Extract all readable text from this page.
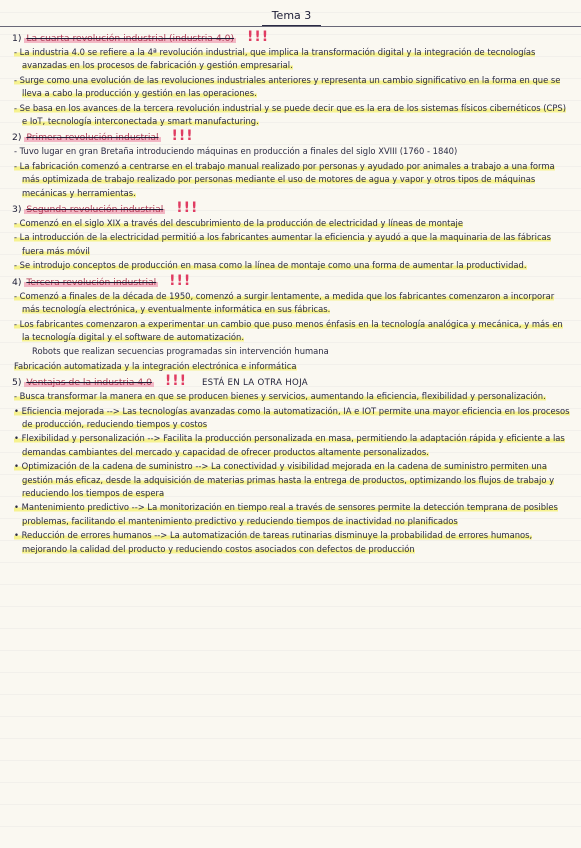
Tema 3
1) La cuarta revolución industrial (industria 4.0) !!!
- La industria 4.0 se refiere a la 4ª revolución industrial, que implica la transformación digital y la integración de tecnologías avanzadas en los procesos de fabricación y gestión empresarial.
- Surge como una evolución de las revoluciones industriales anteriores y representa un cambio significativo en la forma en que se lleva a cabo la producción y gestión en las operaciones.
- Se basa en los avances de la tercera revolución industrial y se puede decir que es la era de los sistemas físicos cibernéticos (CPS) e IoT, tecnología interconectada y smart manufacturing.
2) Primera revolución industrial !!!
- Tuvo lugar en gran Bretaña introduciendo máquinas en producción a finales del siglo XVIII (1760 - 1840)
- La fabricación comenzó a centrarse en el trabajo manual realizado por personas y ayudado por animales a trabajo a una forma más optimizada de trabajo realizado por personas mediante el uso de motores de agua y vapor y otros tipos de máquinas mecánicas y herramientas.
3) Segunda revolución industrial !!!
- Comenzó en el siglo XIX a través del descubrimiento de la producción de electricidad y líneas de montaje
- La introducción de la electricidad permitió a los fabricantes aumentar la eficiencia y ayudó a que la maquinaria de las fábricas fuera más móvil
- Se introdujo conceptos de producción en masa como la línea de montaje como una forma de aumentar la productividad.
4) Tercera revolución industrial !!!
- Comenzó a finales de la década de 1950, comenzó a surgir lentamente, a medida que los fabricantes comenzaron a incorporar más tecnología electrónica, y eventualmente informática en sus fábricas.
- Los fabricantes comenzaron a experimentar un cambio que puso menos énfasis en la tecnología analógica y mecánica, y más en la tecnología digital y el software de automatización.
Robots que realizan secuencias programadas sin intervención humana
Fabricación automatizada y la integración electrónica e informática
5) Ventajas de la industria 4.0 !!! ESTÁ EN LA OTRA HOJA
- Busca transformar la manera en que se producen bienes y servicios, aumentando la eficiencia, flexibilidad y personalización.
• Eficiencia mejorada --> Las tecnologías avanzadas como la automatización, IA e IOT permite una mayor eficiencia en los procesos de producción, reduciendo tiempos y costos
• Flexibilidad y personalización --> Facilita la producción personalizada en masa, permitiendo la adaptación rápida y eficiente a las demandas cambiantes del mercado y capacidad de ofrecer productos altamente personalizados.
• Optimización de la cadena de suministro --> La conectividad y visibilidad mejorada en la cadena de suministro permiten una gestión más eficaz, desde la adquisición de materias primas hasta la entrega de productos, optimizando los flujos de trabajo y reduciendo los tiempos de espera
• Mantenimiento predictivo --> La monitorización en tiempo real a través de sensores permite la detección temprana de posibles problemas, facilitando el mantenimiento predictivo y reduciendo tiempos de inactividad no planificados
• Reducción de errores humanos --> La automatización de tareas rutinarias disminuye la probabilidad de errores humanos, mejorando la calidad del producto y reduciendo costos asociados con defectos de producción
